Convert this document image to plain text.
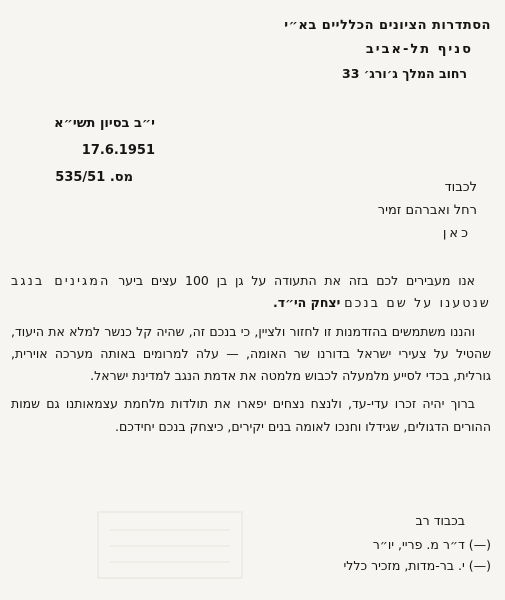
הסתדרות הציונים הכלליים בא״י
סניף תל-אביב
רחוב המלך ג׳ורג׳ 33
י״ב בסיון תשי״א 17.6.1951
מס. 535/51
לכבוד
רחל ואברהם זמיר
כאן

אנו מעבירים לכם בזה את התעודה על גן בן 100 עצים ביער המגינים בנגב שנטענו על שם בנכם יצחק הי״ד.

והננו משתמשים בהזדמנות זו לחזור ולציין, כי בנכם זה, שהיה קל כנשר למלא את היעוד, שהטיל על צעירי ישראל בדורנו שר האומה, — עלה למרומים באותה מערכה אוירית, גורלית, בכדי לסייע מלמעלה לכבוש מלמטה את אדמת הנגב למדינת ישראל.

ברוך יהיה זכרו עדי-עד, ולנצח נצחים יפארו את תולדות מלחמת עצמאותנו גם שמות ההורים הדגולים, שגידלו וחנכו לאומה בנים יקירים, כיצחק בנכם יחידכם.

בכבוד רב
(—) ד״ר מ. פריי, יו״ר
(—) י. בר-מדות, מזכיר כללי
